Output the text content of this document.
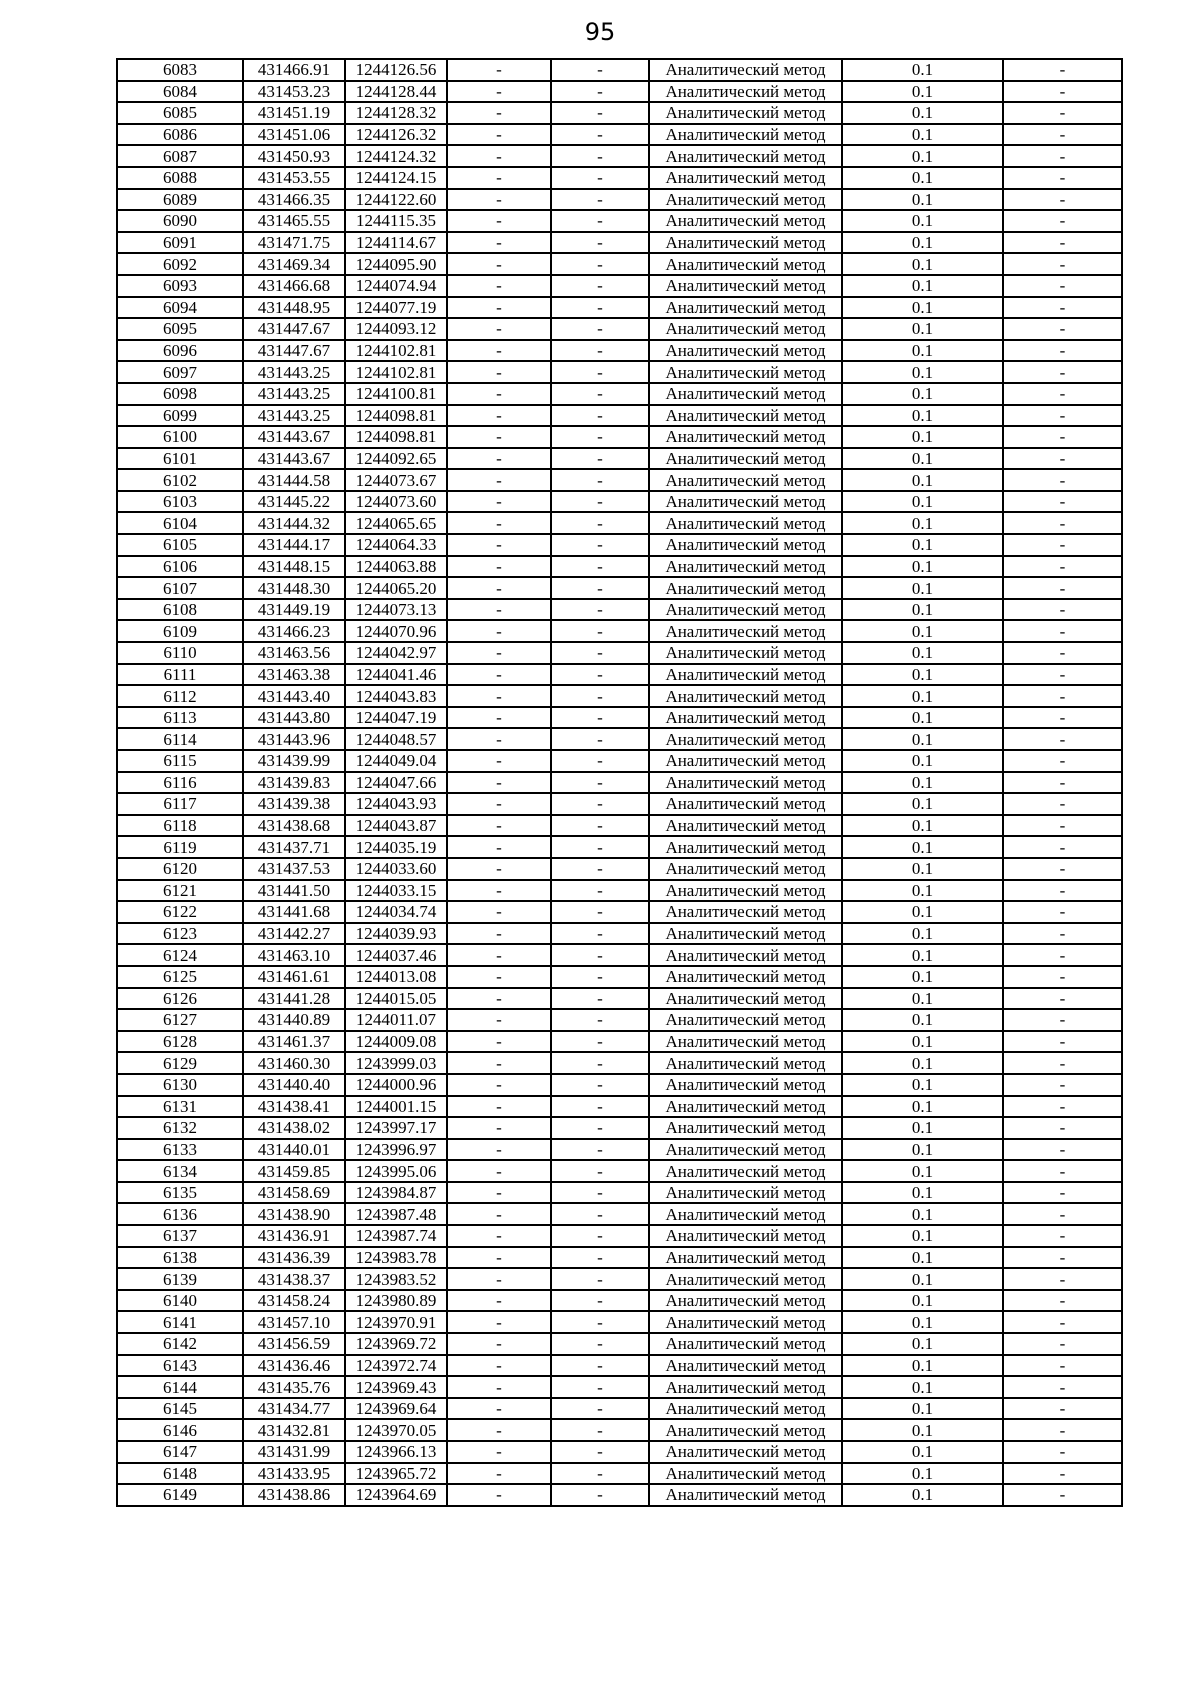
95
6083	431466.91	1244126.56	-	-	Аналитический метод	0.1	-
6084	431453.23	1244128.44	-	-	Аналитический метод	0.1	-
6085	431451.19	1244128.32	-	-	Аналитический метод	0.1	-
6086	431451.06	1244126.32	-	-	Аналитический метод	0.1	-
6087	431450.93	1244124.32	-	-	Аналитический метод	0.1	-
6088	431453.55	1244124.15	-	-	Аналитический метод	0.1	-
6089	431466.35	1244122.60	-	-	Аналитический метод	0.1	-
6090	431465.55	1244115.35	-	-	Аналитический метод	0.1	-
6091	431471.75	1244114.67	-	-	Аналитический метод	0.1	-
6092	431469.34	1244095.90	-	-	Аналитический метод	0.1	-
6093	431466.68	1244074.94	-	-	Аналитический метод	0.1	-
6094	431448.95	1244077.19	-	-	Аналитический метод	0.1	-
6095	431447.67	1244093.12	-	-	Аналитический метод	0.1	-
6096	431447.67	1244102.81	-	-	Аналитический метод	0.1	-
6097	431443.25	1244102.81	-	-	Аналитический метод	0.1	-
6098	431443.25	1244100.81	-	-	Аналитический метод	0.1	-
6099	431443.25	1244098.81	-	-	Аналитический метод	0.1	-
6100	431443.67	1244098.81	-	-	Аналитический метод	0.1	-
6101	431443.67	1244092.65	-	-	Аналитический метод	0.1	-
6102	431444.58	1244073.67	-	-	Аналитический метод	0.1	-
6103	431445.22	1244073.60	-	-	Аналитический метод	0.1	-
6104	431444.32	1244065.65	-	-	Аналитический метод	0.1	-
6105	431444.17	1244064.33	-	-	Аналитический метод	0.1	-
6106	431448.15	1244063.88	-	-	Аналитический метод	0.1	-
6107	431448.30	1244065.20	-	-	Аналитический метод	0.1	-
6108	431449.19	1244073.13	-	-	Аналитический метод	0.1	-
6109	431466.23	1244070.96	-	-	Аналитический метод	0.1	-
6110	431463.56	1244042.97	-	-	Аналитический метод	0.1	-
6111	431463.38	1244041.46	-	-	Аналитический метод	0.1	-
6112	431443.40	1244043.83	-	-	Аналитический метод	0.1	-
6113	431443.80	1244047.19	-	-	Аналитический метод	0.1	-
6114	431443.96	1244048.57	-	-	Аналитический метод	0.1	-
6115	431439.99	1244049.04	-	-	Аналитический метод	0.1	-
6116	431439.83	1244047.66	-	-	Аналитический метод	0.1	-
6117	431439.38	1244043.93	-	-	Аналитический метод	0.1	-
6118	431438.68	1244043.87	-	-	Аналитический метод	0.1	-
6119	431437.71	1244035.19	-	-	Аналитический метод	0.1	-
6120	431437.53	1244033.60	-	-	Аналитический метод	0.1	-
6121	431441.50	1244033.15	-	-	Аналитический метод	0.1	-
6122	431441.68	1244034.74	-	-	Аналитический метод	0.1	-
6123	431442.27	1244039.93	-	-	Аналитический метод	0.1	-
6124	431463.10	1244037.46	-	-	Аналитический метод	0.1	-
6125	431461.61	1244013.08	-	-	Аналитический метод	0.1	-
6126	431441.28	1244015.05	-	-	Аналитический метод	0.1	-
6127	431440.89	1244011.07	-	-	Аналитический метод	0.1	-
6128	431461.37	1244009.08	-	-	Аналитический метод	0.1	-
6129	431460.30	1243999.03	-	-	Аналитический метод	0.1	-
6130	431440.40	1244000.96	-	-	Аналитический метод	0.1	-
6131	431438.41	1244001.15	-	-	Аналитический метод	0.1	-
6132	431438.02	1243997.17	-	-	Аналитический метод	0.1	-
6133	431440.01	1243996.97	-	-	Аналитический метод	0.1	-
6134	431459.85	1243995.06	-	-	Аналитический метод	0.1	-
6135	431458.69	1243984.87	-	-	Аналитический метод	0.1	-
6136	431438.90	1243987.48	-	-	Аналитический метод	0.1	-
6137	431436.91	1243987.74	-	-	Аналитический метод	0.1	-
6138	431436.39	1243983.78	-	-	Аналитический метод	0.1	-
6139	431438.37	1243983.52	-	-	Аналитический метод	0.1	-
6140	431458.24	1243980.89	-	-	Аналитический метод	0.1	-
6141	431457.10	1243970.91	-	-	Аналитический метод	0.1	-
6142	431456.59	1243969.72	-	-	Аналитический метод	0.1	-
6143	431436.46	1243972.74	-	-	Аналитический метод	0.1	-
6144	431435.76	1243969.43	-	-	Аналитический метод	0.1	-
6145	431434.77	1243969.64	-	-	Аналитический метод	0.1	-
6146	431432.81	1243970.05	-	-	Аналитический метод	0.1	-
6147	431431.99	1243966.13	-	-	Аналитический метод	0.1	-
6148	431433.95	1243965.72	-	-	Аналитический метод	0.1	-
6149	431438.86	1243964.69	-	-	Аналитический метод	0.1	-
